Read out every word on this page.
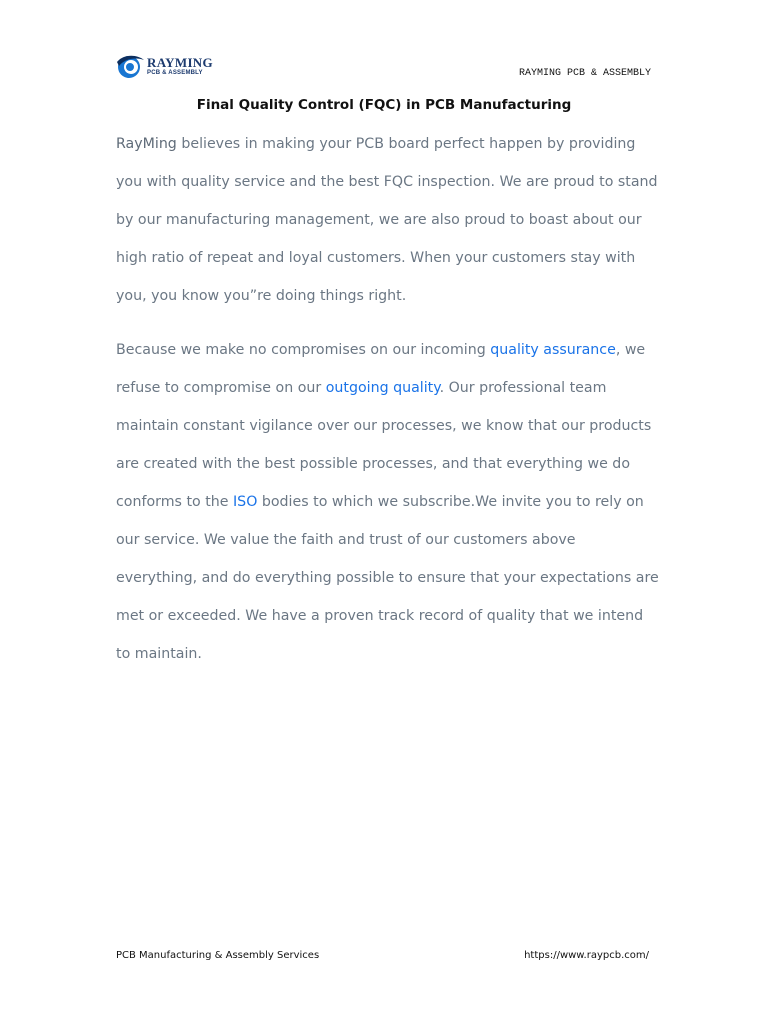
RAYMING
PCB & ASSEMBLY	RAYMING PCB & ASSEMBLY
Final Quality Control (FQC) in PCB Manufacturing

RayMing believes in making your PCB board perfect happen by providing you with quality service and the best FQC inspection. We are proud to stand by our manufacturing management, we are also proud to boast about our high ratio of repeat and loyal customers. When your customers stay with you, you know you”re doing things right.

Because we make no compromises on our incoming quality assurance, we refuse to compromise on our outgoing quality. Our professional team maintain constant vigilance over our processes, we know that our products are created with the best possible processes, and that everything we do conforms to the ISO bodies to which we subscribe.We invite you to rely on our service. We value the faith and trust of our customers above everything, and do everything possible to ensure that your expectations are met or exceeded. We have a proven track record of quality that we intend to maintain.

PCB Manufacturing & Assembly Services	https://www.raypcb.com/
